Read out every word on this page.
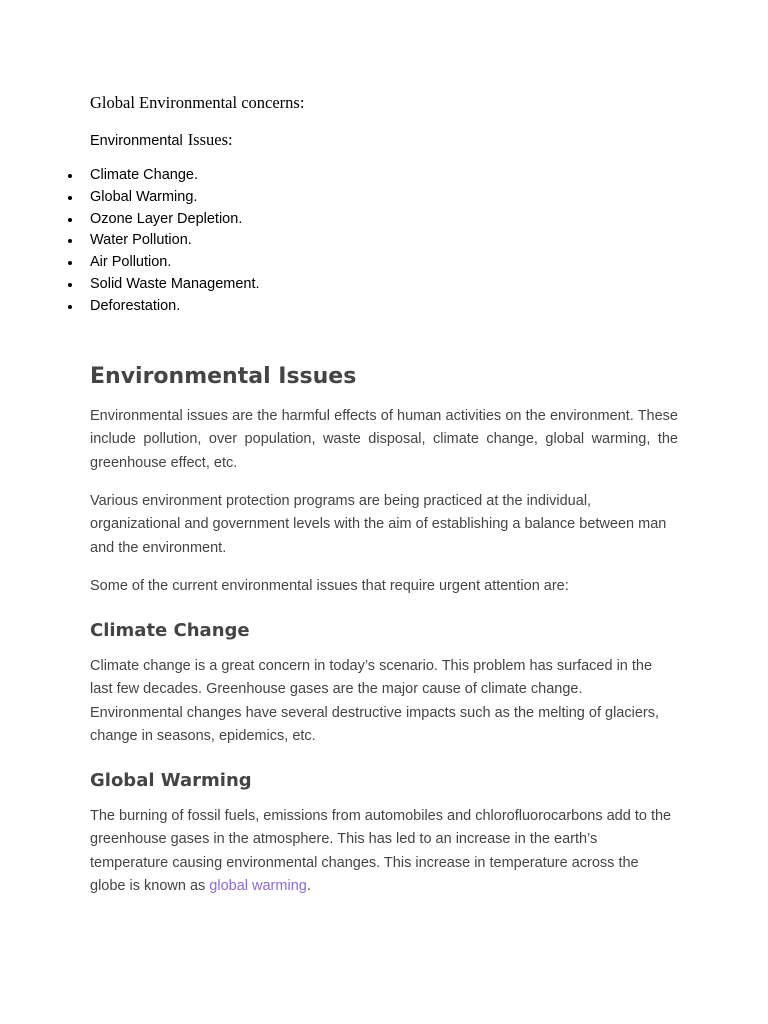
Global Environmental concerns:

Environmental Issues:

Climate Change.
Global Warming.
Ozone Layer Depletion.
Water Pollution.
Air Pollution.
Solid Waste Management.
Deforestation.
Environmental Issues

Environmental issues are the harmful effects of human activities on the environment. These include pollution, over population, waste disposal, climate change, global warming, the greenhouse effect, etc.

Various environment protection programs are being practiced at the individual, organizational and government levels with the aim of establishing a balance between man and the environment.

Some of the current environmental issues that require urgent attention are:

Climate Change

Climate change is a great concern in today’s scenario. This problem has surfaced in the last few decades. Greenhouse gases are the major cause of climate change. Environmental changes have several destructive impacts such as the melting of glaciers, change in seasons, epidemics, etc.

Global Warming

The burning of fossil fuels, emissions from automobiles and chlorofluorocarbons add to the greenhouse gases in the atmosphere. This has led to an increase in the earth’s temperature causing environmental changes. This increase in temperature across the globe is known as global warming.
